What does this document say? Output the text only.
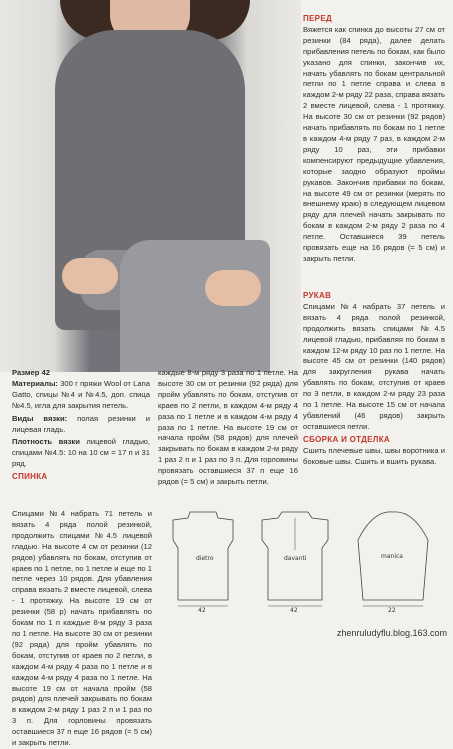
ПЕРЕД

Вяжется как спинка до высоты 27 см от резинки (84 ряда), далее делать прибавления петель по бокам, как было указано для спинки, закончив их, начать убавлять по бокам центральной петли по 1 петле справа и слева в каждом 2-м ряду 22 раза, справа вязать 2 вместе лицевой, слева - 1 протяжку. На высоте 30 см от резинки (92 рядов) начать прибавлять по бокам по 1 петле в каждом 4-м ряду 7 раз, в каждом 2-м ряду 10 раз, эти прибавки компенсируют предыдущие убавления, которые заодно образуют проймы рукавов. Закончив прибавки по бокам, на высоте 49 см от резинки (мерять по внешнему краю) в следующем лицевом ряду для плечей начать закрывать по бокам в каждом 2-м ряду 2 раза по 4 петле. Оставшиеся 39 петель провязать еще на 16 рядов (= 5 см) и закрыть петли.

РУКАВ

Спицами №4 набрать 37 петель и вязать 4 ряда полой резинкой, продолжить вязать спицами №4.5 лицевой гладью, прибавляя по бокам в каждом 12-м ряду 10 раз по 1 петле. На высоте 45 см от резинки (140 рядов) для закругления рукава начать убавлять по бокам, отступив от краев по 3 петли, в каждом 2-м ряду 23 раза по 1 петле. На высоте 15 см от начала убавлений (46 рядов) закрыть оставшиеся петли.

СБОРКА И ОТДЕЛКА

Сшить плечевые швы, швы воротника и боковые швы. Сшить и вшить рукава.

Размер 42

Материалы: 300 г пряжи Wool от Lana Gatto, спицы №4 и №4.5, доп. спица №4.5, игла для закрытия петель.

Виды вязки: полая резинки и лицевая гладь.

Плотность вязки лицевой гладью, спицами №4.5: 10 на 10 см = 17 п и 31 ряд.

СПИНКА

Спицами №4 набрать 71 петель и вязать 4 ряда полой резинкой, продолжить спицами №4.5 лицевой гладью. На высоте 4 см от резинки (12 рядов) убавлять по бокам, отступив от краев по 1 петле, по 1 петле и еще по 1 петле через 10 рядов. Для убавления справа вязать 2 вместе лицевой, слева - 1 протяжку. На высоте 19 см от резинки (58 р) начать прибавлять по бокам по 1 п каждые 8-м ряду 3 раза по 1 петле. На высоте 30 см от резинки (92 ряда) для пройм убавлять по бокам, отступив от краев по 2 петли, в каждом 4-м ряду 4 раза по 1 петле и в каждом 4-м ряду 4 раза по 1 петле. На высоте 19 см от начала пройм (58 рядов) для плечей закрывать по бокам в каждом 2-м ряду 1 раз 2 п и 1 раз по 3 п. Для горловины провязать оставшиеся 37 п еще 16 рядов (= 5 см) и закрыть петли.

каждые 8-м ряду 3 раза по 1 петле. На высоте 30 см от резинки (92 ряда) для пройм убавлять по бокам, отступив от краев по 2 петли, в каждом 4-м ряду 4 раза по 1 петле и в каждом 4-м ряду 4 раза по 1 петле. На высоте 19 см от начала пройм (58 рядов) для плечей закрывать по бокам в каждом 2-м ряду 1 раз 2 п и 1 раз по 3 п. Для горловины провязать оставшиеся 37 п еще 16 рядов (= 5 см) и закрыть петли.

dietro
42
davanti
42
manica
22
zhenruludyflu.blog.163.com
